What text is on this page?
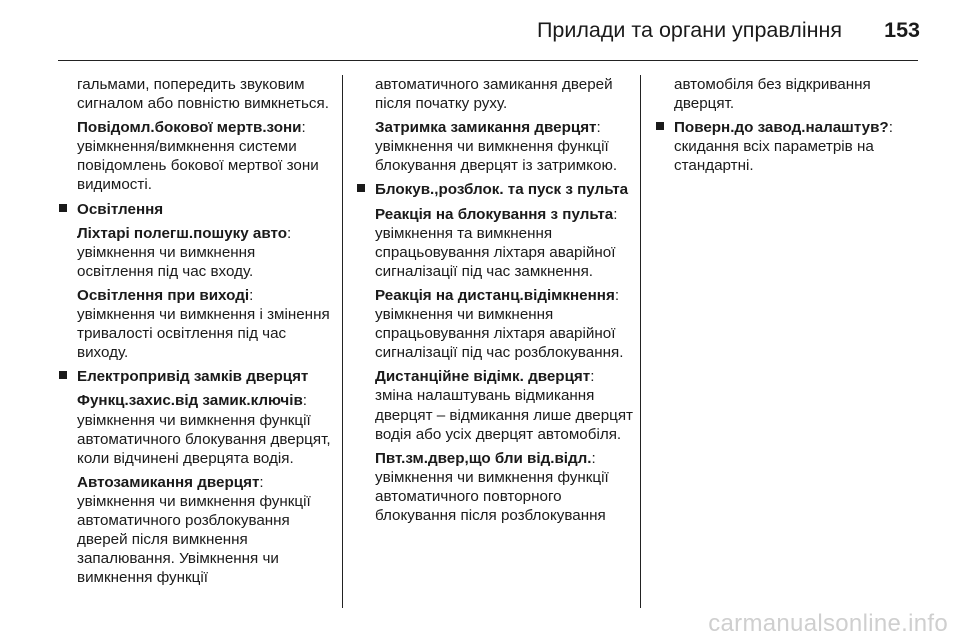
Прилади та органи управління 153
гальмами, попередить звуковим сигналом або повністю вимкнеться.
Повідомл.бокової мертв.зони: увімкнення/вимкнення системи повідомлень бокової мертвої зони видимості.
Освітлення
Ліхтарі полегш.пошуку авто: увімкнення чи вимкнення освітлення під час входу.
Освітлення при виході: увімкнення чи вимкнення і змінення тривалості освітлення під час виходу.
Електропривід замків дверцят
Функц.захис.від замик.ключів: увімкнення чи вимкнення функції автоматичного блокування дверцят, коли відчинені дверцята водія.
Автозамикання дверцят: увімкнення чи вимкнення функції автоматичного розблокування дверей після вимкнення запалювання. Увімкнення чи вимкнення функції
автоматичного замикання дверей після початку руху.
Затримка замикання дверцят: увімкнення чи вимкнення функції блокування дверцят із затримкою.
Блокув.,розблок. та пуск з пульта
Реакція на блокування з пульта: увімкнення та вимкнення спрацьовування ліхтаря аварійної сигналізації під час замкнення.
Реакція на дистанц.відімкнення: увімкнення чи вимкнення спрацьовування ліхтаря аварійної сигналізації під час розблокування.
Дистанційне відімк. дверцят: зміна налаштувань відмикання дверцят – відмикання лише дверцят водія або усіх дверцят автомобіля.
Пвт.зм.двер,що бли від.відл.: увімкнення чи вимкнення функції автоматичного повторного блокування після розблокування
автомобіля без відкривання дверцят.
Поверн.до завод.налаштув?: скидання всіх параметрів на стандартні.
carmanualsonline.info
